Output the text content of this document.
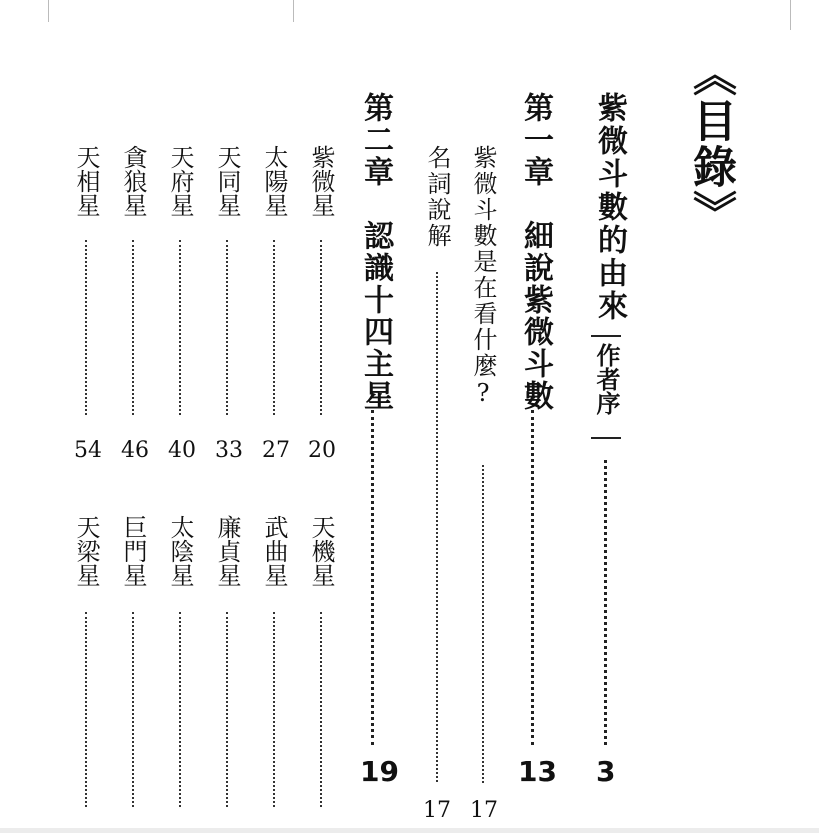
《目錄》
紫微斗數的由來
作者序
3
第一章　細說紫微斗數
13
紫微斗數是在看什麼?
17
名詞說解
17
第二章　認識十四主星
19
紫微星
20
太陽星
27
天同星
33
天府星
40
貪狼星
46
天相星
54
天機星
武曲星
廉貞星
太陰星
巨門星
天梁星
